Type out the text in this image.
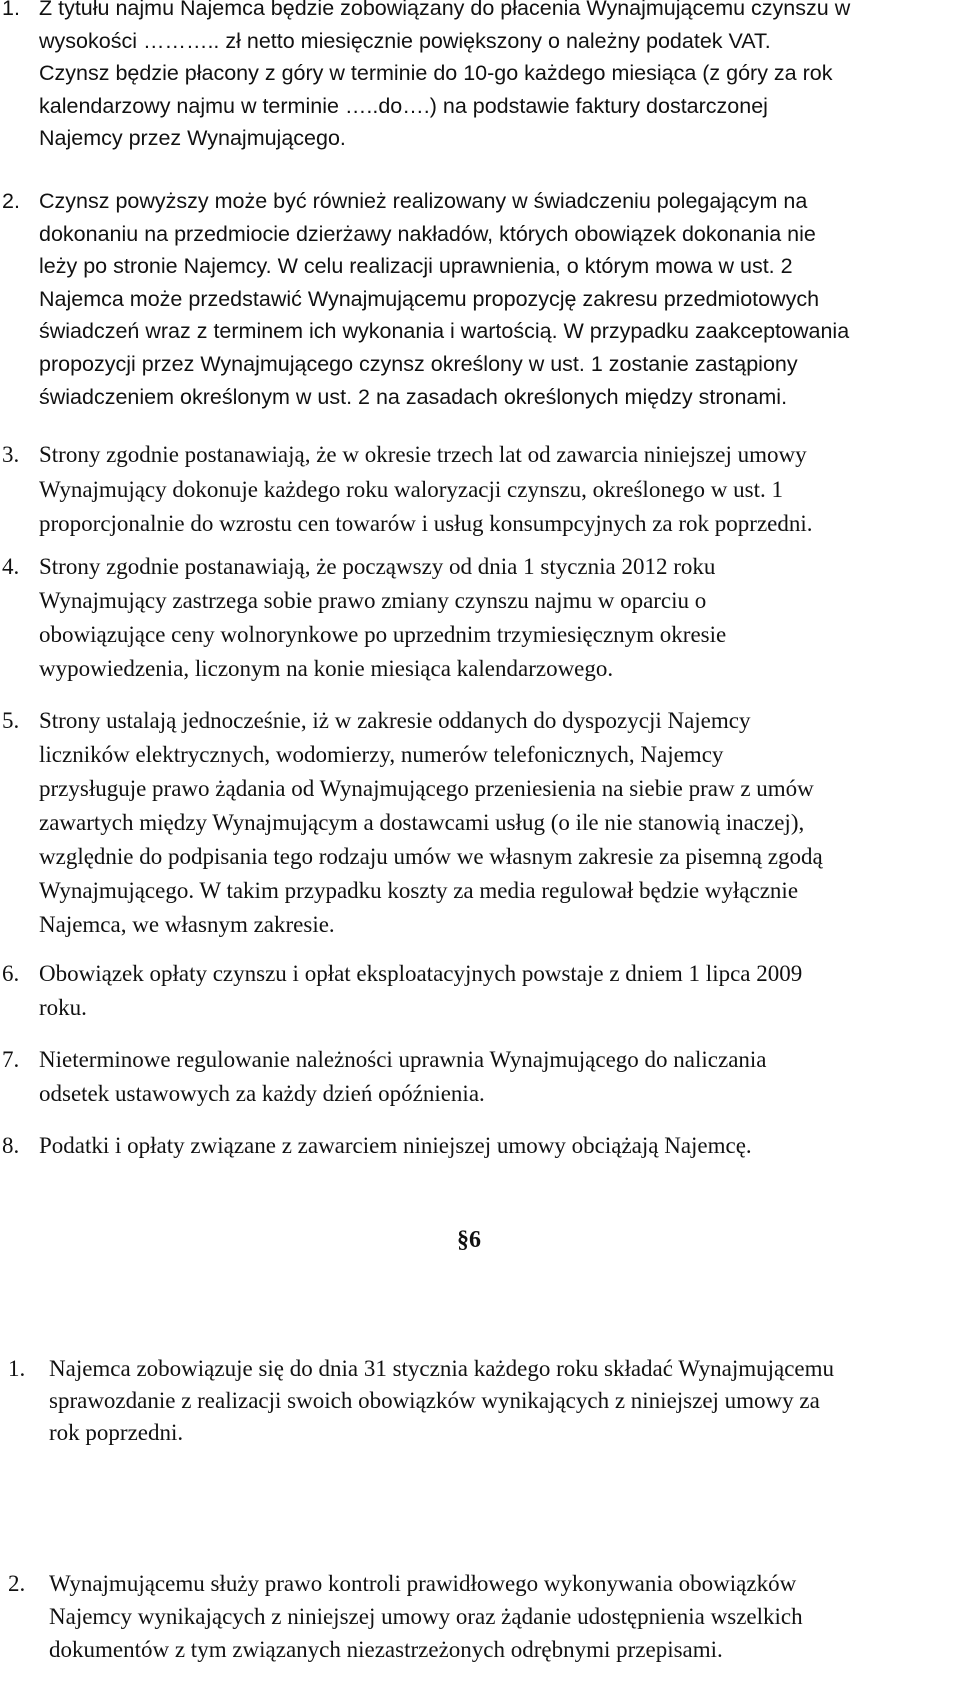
1. Z tytułu najmu Najemca będzie zobowiązany do płacenia Wynajmującemu czynszu w
wysokości ……….. zł netto miesięcznie powiększony o należny podatek VAT.
Czynsz będzie płacony z góry w terminie do 10-go każdego miesiąca (z góry za rok
kalendarzowy najmu w terminie …..do….) na podstawie faktury dostarczonej
Najemcy przez Wynajmującego.
2. Czynsz powyższy może być również realizowany w świadczeniu polegającym na
dokonaniu na przedmiocie dzierżawy nakładów, których obowiązek dokonania nie
leży po stronie Najemcy. W celu realizacji uprawnienia, o którym mowa w ust. 2
Najemca może przedstawić Wynajmującemu propozycję zakresu przedmiotowych
świadczeń wraz z terminem ich wykonania i wartością. W przypadku zaakceptowania
propozycji przez Wynajmującego czynsz określony w ust. 1 zostanie zastąpiony
świadczeniem określonym w ust. 2 na zasadach określonych między stronami.
3. Strony zgodnie postanawiają, że w okresie trzech lat od zawarcia niniejszej umowy
Wynajmujący dokonuje każdego roku waloryzacji czynszu, określonego w ust. 1
proporcjonalnie do wzrostu cen towarów i usług konsumpcyjnych za rok poprzedni.
4. Strony zgodnie postanawiają, że począwszy od dnia 1 stycznia 2012 roku
Wynajmujący zastrzega sobie prawo zmiany czynszu najmu w oparciu o
obowiązujące ceny wolnorynkowe po uprzednim trzymiesięcznym okresie
wypowiedzenia, liczonym na konie miesiąca kalendarzowego.
5. Strony ustalają jednocześnie, iż w zakresie oddanych do dyspozycji Najemcy
liczników elektrycznych, wodomierzy, numerów telefonicznych, Najemcy
przysługuje prawo żądania od Wynajmującego przeniesienia na siebie praw z umów
zawartych między Wynajmującym a dostawcami usług (o ile nie stanowią inaczej),
względnie do podpisania tego rodzaju umów we własnym zakresie za pisemną zgodą
Wynajmującego. W takim przypadku koszty za media regulował będzie wyłącznie
Najemca, we własnym zakresie.
6. Obowiązek opłaty czynszu i opłat eksploatacyjnych powstaje z dniem 1 lipca 2009
roku.
7. Nieterminowe regulowanie należności uprawnia Wynajmującego do naliczania
odsetek ustawowych za każdy dzień opóźnienia.
8. Podatki i opłaty związane z zawarciem niniejszej umowy obciążają Najemcę.
§6
1. Najemca zobowiązuje się do dnia 31 stycznia każdego roku składać Wynajmującemu
sprawozdanie z realizacji swoich obowiązków wynikających z niniejszej umowy za
rok poprzedni.
2. Wynajmującemu służy prawo kontroli prawidłowego wykonywania obowiązków
Najemcy wynikających z niniejszej umowy oraz żądanie udostępnienia wszelkich
dokumentów z tym związanych niezastrzeżonych odrębnymi przepisami.
